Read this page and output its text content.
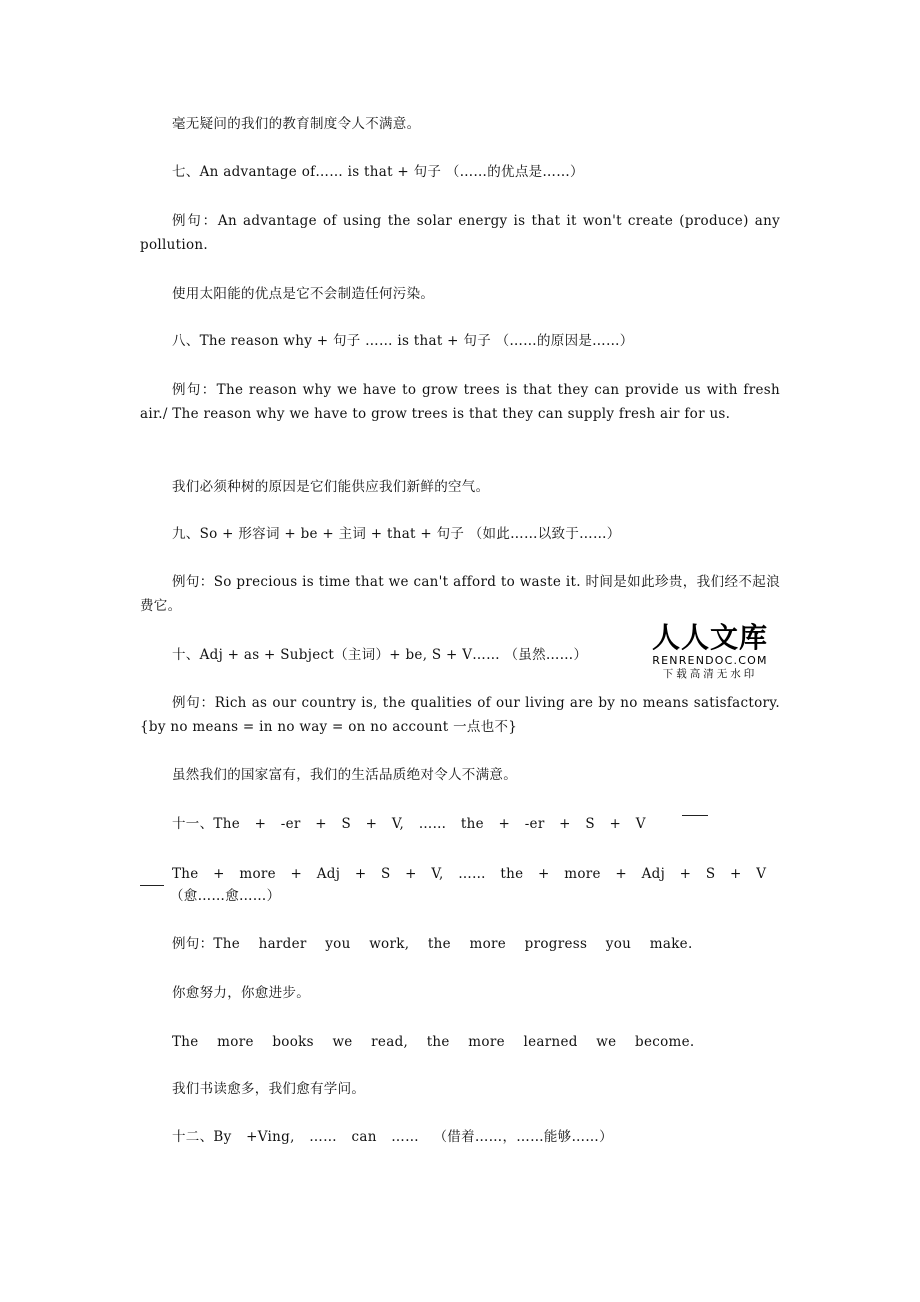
毫无疑问的我们的教育制度令人不满意。
七、An advantage of…… is that + 句子 （……的优点是……）
例句：An advantage of using the solar energy is that it won't create (produce) any pollution.
使用太阳能的优点是它不会制造任何污染。
八、The reason why + 句子 …… is that + 句子 （……的原因是……）
例句：The reason why we have to grow trees is that they can provide us with fresh air./ The reason why we have to grow trees is that they can supply fresh air for us.
我们必须种树的原因是它们能供应我们新鲜的空气。
九、So + 形容词 + be + 主词 + that + 句子 （如此……以致于……）
例句：So precious is time that we can't afford to waste it. 时间是如此珍贵，我们经不起浪费它。
十、Adj + as + Subject（主词）+ be, S + V…… （虽然……）
人人文库
RENRENDOC.COM
下载高清无水印
例句：Rich as our country is, the qualities of our living are by no means satisfactory. {by no means = in no way = on no account 一点也不}
虽然我们的国家富有，我们的生活品质绝对令人不满意。
十一、The + -er + S + V, …… the + -er + S + V
The + more + Adj + S + V, …… the + more + Adj + S + V
（愈……愈……）
例句：The harder you work, the more progress you make.
你愈努力，你愈进步。
The more books we read, the more learned we become.
我们书读愈多，我们愈有学问。
十二、By +Ving, …… can …… （借着……，……能够……）
